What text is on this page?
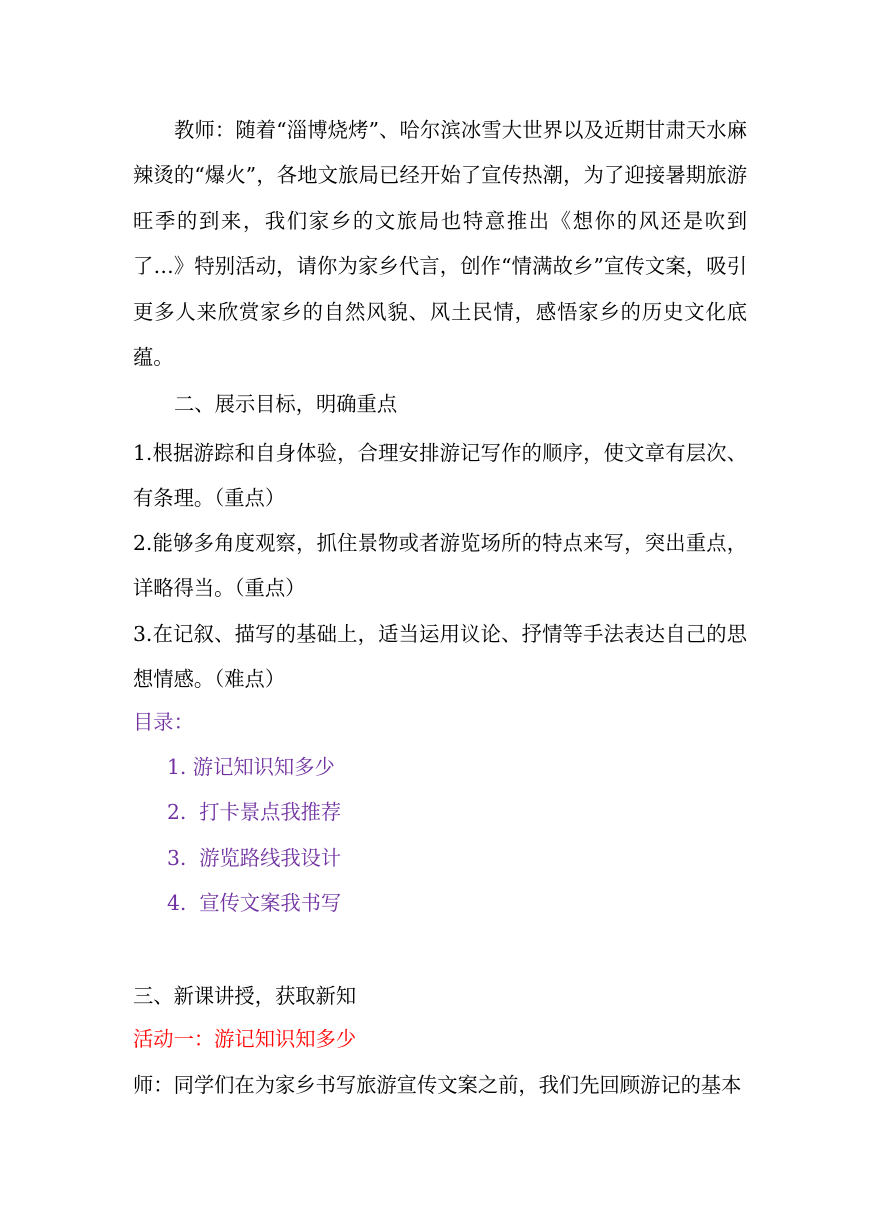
教师：随着“淄博烧烤”、哈尔滨冰雪大世界以及近期甘肃天水麻辣烫的“爆火”，各地文旅局已经开始了宣传热潮，为了迎接暑期旅游旺季的到来，我们家乡的文旅局也特意推出《想你的风还是吹到了…》特别活动，请你为家乡代言，创作“情满故乡”宣传文案，吸引更多人来欣赏家乡的自然风貌、风土民情，感悟家乡的历史文化底蕴。

二、展示目标，明确重点

1.根据游踪和自身体验，合理安排游记写作的顺序，使文章有层次、有条理。（重点）

2.能够多角度观察，抓住景物或者游览场所的特点来写，突出重点，详略得当。（重点）

3.在记叙、描写的基础上，适当运用议论、抒情等手法表达自己的思想情感。（难点）

目录：

1. 游记知识知多少

2.  打卡景点我推荐

3.  游览路线我设计

4.  宣传文案我书写

三、新课讲授，获取新知

活动一：游记知识知多少

师：同学们在为家乡书写旅游宣传文案之前，我们先回顾游记的基本
